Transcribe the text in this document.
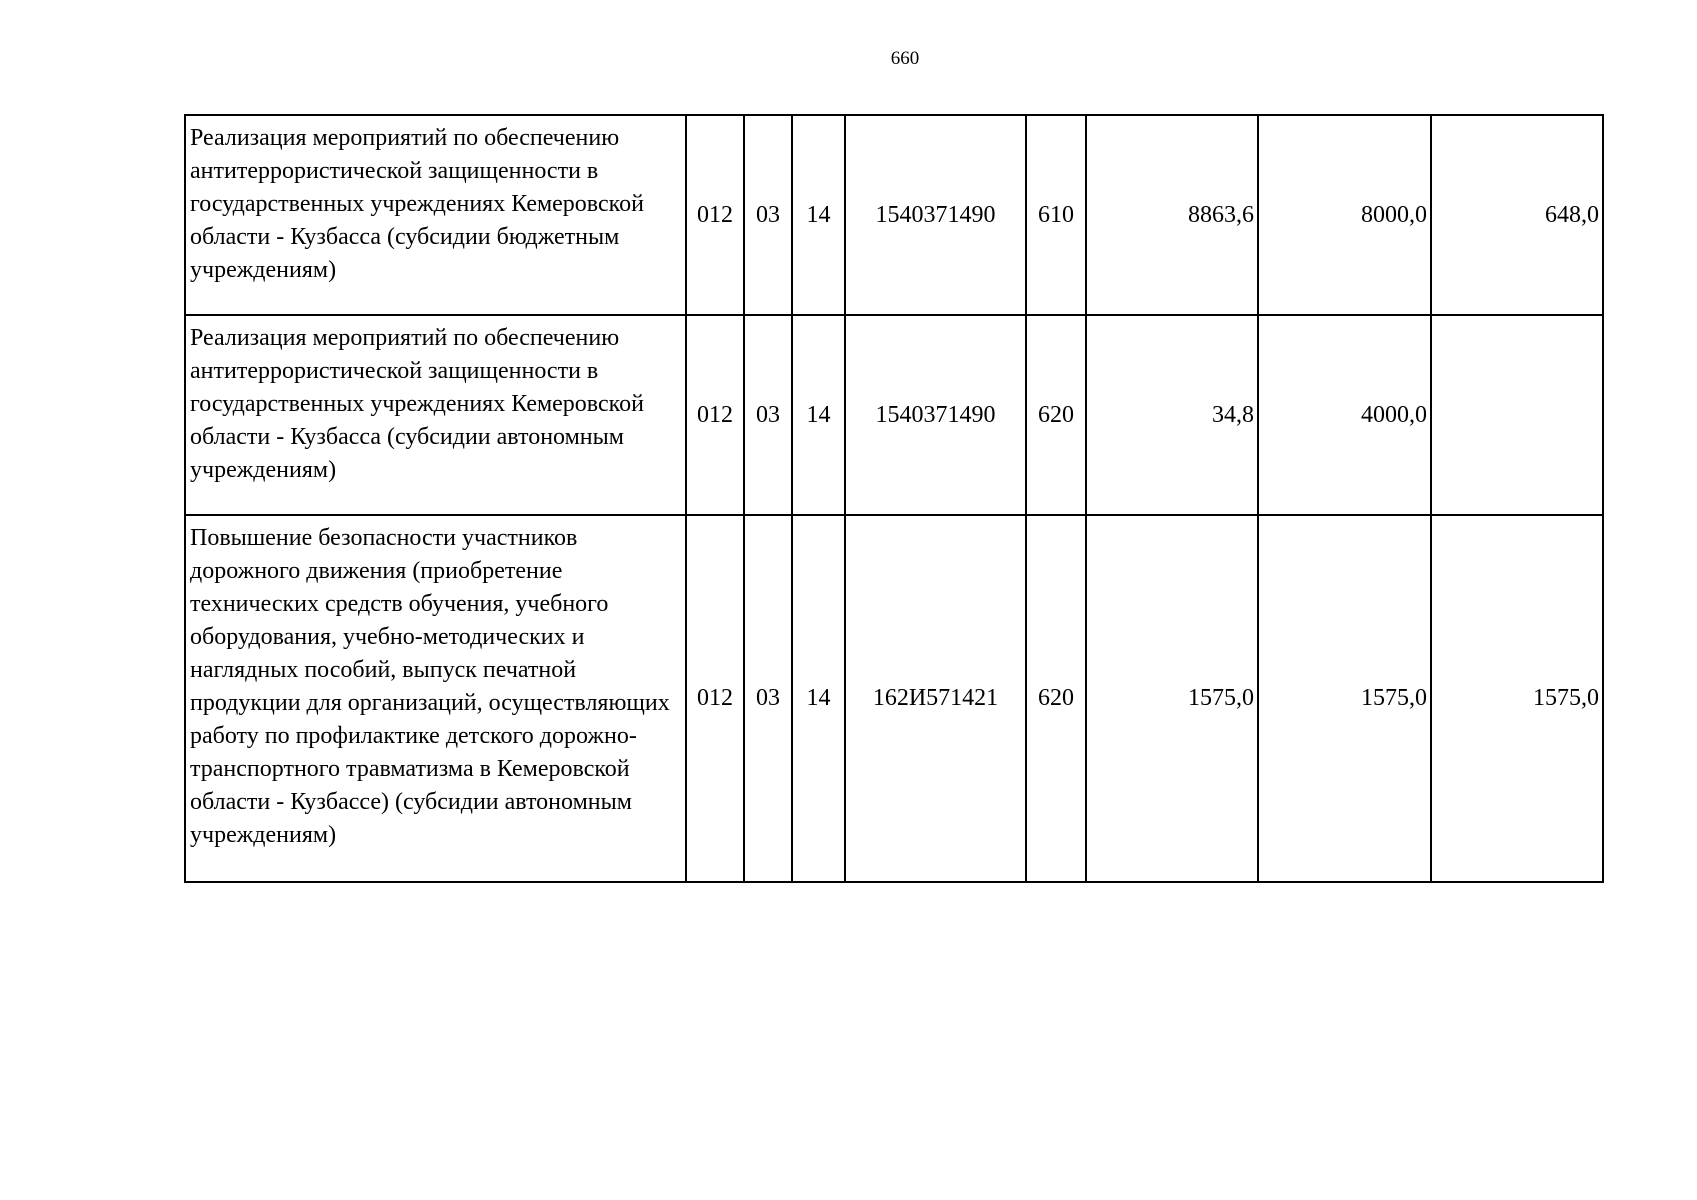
660
Реализация мероприятий по обеспечению антитеррористической защищенности в государственных учреждениях Кемеровской области - Кузбасса (субсидии бюджетным учреждениям)	012	03	14	1540371490	610	8863,6	8000,0	648,0
Реализация мероприятий по обеспечению антитеррористической защищенности в государственных учреждениях Кемеровской области - Кузбасса (субсидии автономным учреждениям)	012	03	14	1540371490	620	34,8	4000,0	
Повышение безопасности участников дорожного движения (приобретение технических средств обучения, учебного оборудования, учебно-методических и наглядных пособий, выпуск печатной продукции для организаций, осуществляющих работу по профилактике детского дорожно-транспортного травматизма в Кемеровской области - Кузбассе) (субсидии автономным учреждениям)	012	03	14	162И571421	620	1575,0	1575,0	1575,0
